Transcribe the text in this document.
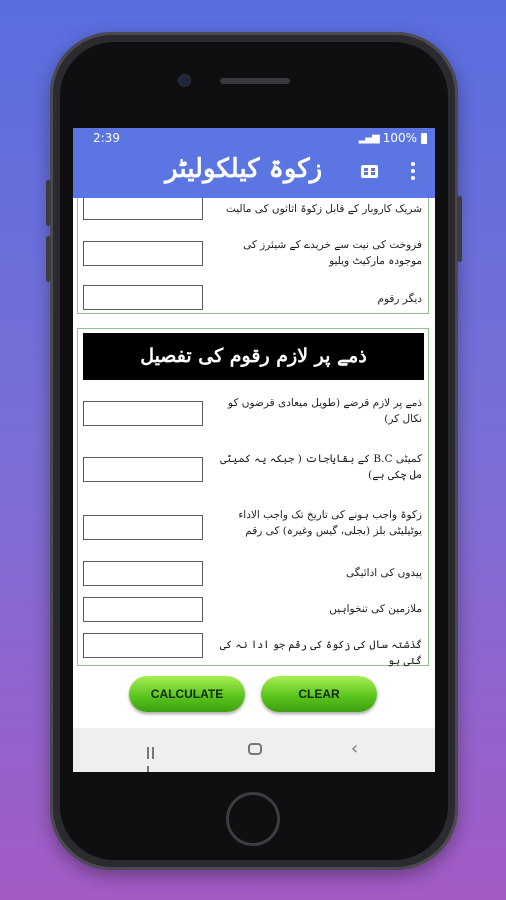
2:39	▂▄▆ 100%
زکوۃ کیلکولیٹر
شریک کاروبار کے قابل زکوۃ اثاثوں کی مالیت
فروخت کی نیت سے خریدے کے شیئرز کی موجودہ مارکیٹ ویلیو
دیگر رقوم
ذمے پر لازم رقوم کی تفصیل
ذمے پر لازم قرضے (طویل میعادی قرضوں کو نکال کر)
کمیٹی B.C کے بقایاجات ( جبکہ یہ کمیٹی مل چکی ہے)
زکوۃ واجب ہونے کی تاریخ تک واجب الاداء یوٹیلیٹی بلز (بجلی، گیس وغیرہ) کی رقم
پیدوں کی ادائیگی
ملازمین کی تنخواہیں
گذشتہ سال کی زکوۃ کی رقم جو ادا نہ کی گئی ہو
CALCULATE	CLEAR
‹
